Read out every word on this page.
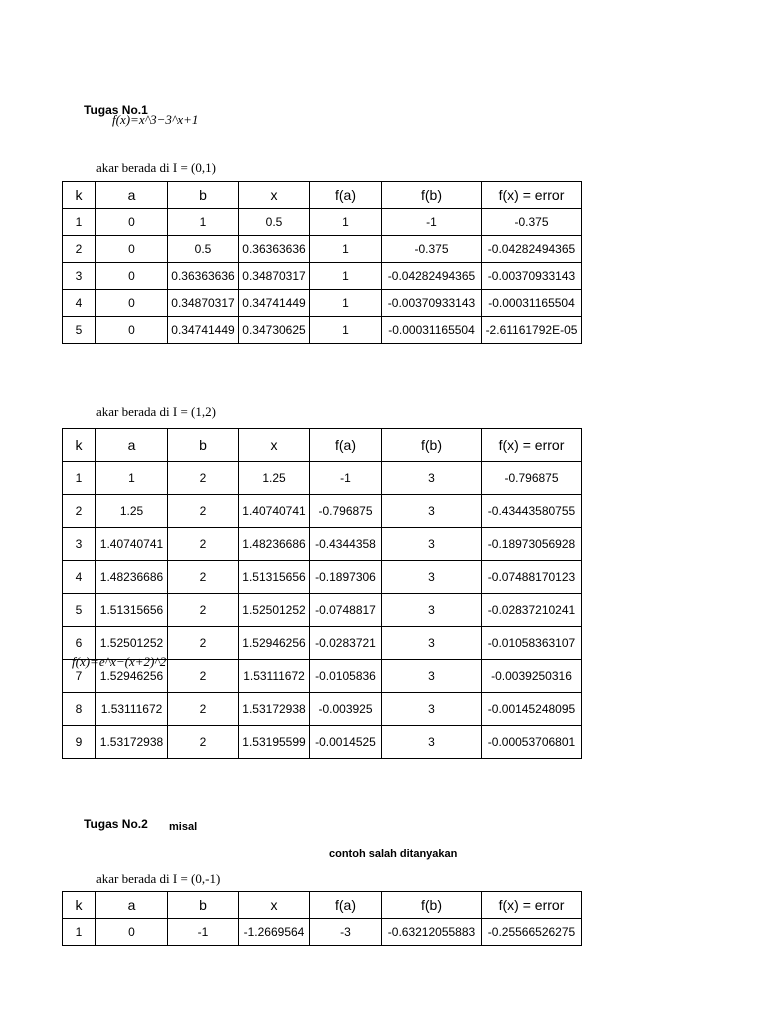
Tugas No.1
f(x)=x^3−3^x+1
akar berada di I = (0,1)
k	a	b	x	f(a)	f(b)	f(x) = error
1	0	1	0.5	1	-1	-0.375
2	0	0.5	0.36363636	1	-0.375	-0.04282494365
3	0	0.36363636	0.34870317	1	-0.04282494365	-0.00370933143
4	0	0.34870317	0.34741449	1	-0.00370933143	-0.00031165504
5	0	0.34741449	0.34730625	1	-0.00031165504	-2.61161792E-05
akar berada di I = (1,2)
k	a	b	x	f(a)	f(b)	f(x) = error
1	1	2	1.25	-1	3	-0.796875
2	1.25	2	1.40740741	-0.796875	3	-0.43443580755
3	1.40740741	2	1.48236686	-0.4344358	3	-0.18973056928
4	1.48236686	2	1.51315656	-0.1897306	3	-0.07488170123
5	1.51315656	2	1.52501252	-0.0748817	3	-0.02837210241
6	1.52501252	2	1.52946256	-0.0283721	3	-0.01058363107
7	1.52946256	2	1.53111672	-0.0105836	3	-0.0039250316
8	1.53111672	2	1.53172938	-0.003925	3	-0.00145248095
9	1.53172938	2	1.53195599	-0.0014525	3	-0.00053706801
f(x)=e^x−(x+2)^2
Tugas No.2 misal
contoh salah ditanyakan
akar berada di I = (0,-1)
k	a	b	x	f(a)	f(b)	f(x) = error
1	0	-1	-1.2669564	-3	-0.63212055883	-0.25566526275
